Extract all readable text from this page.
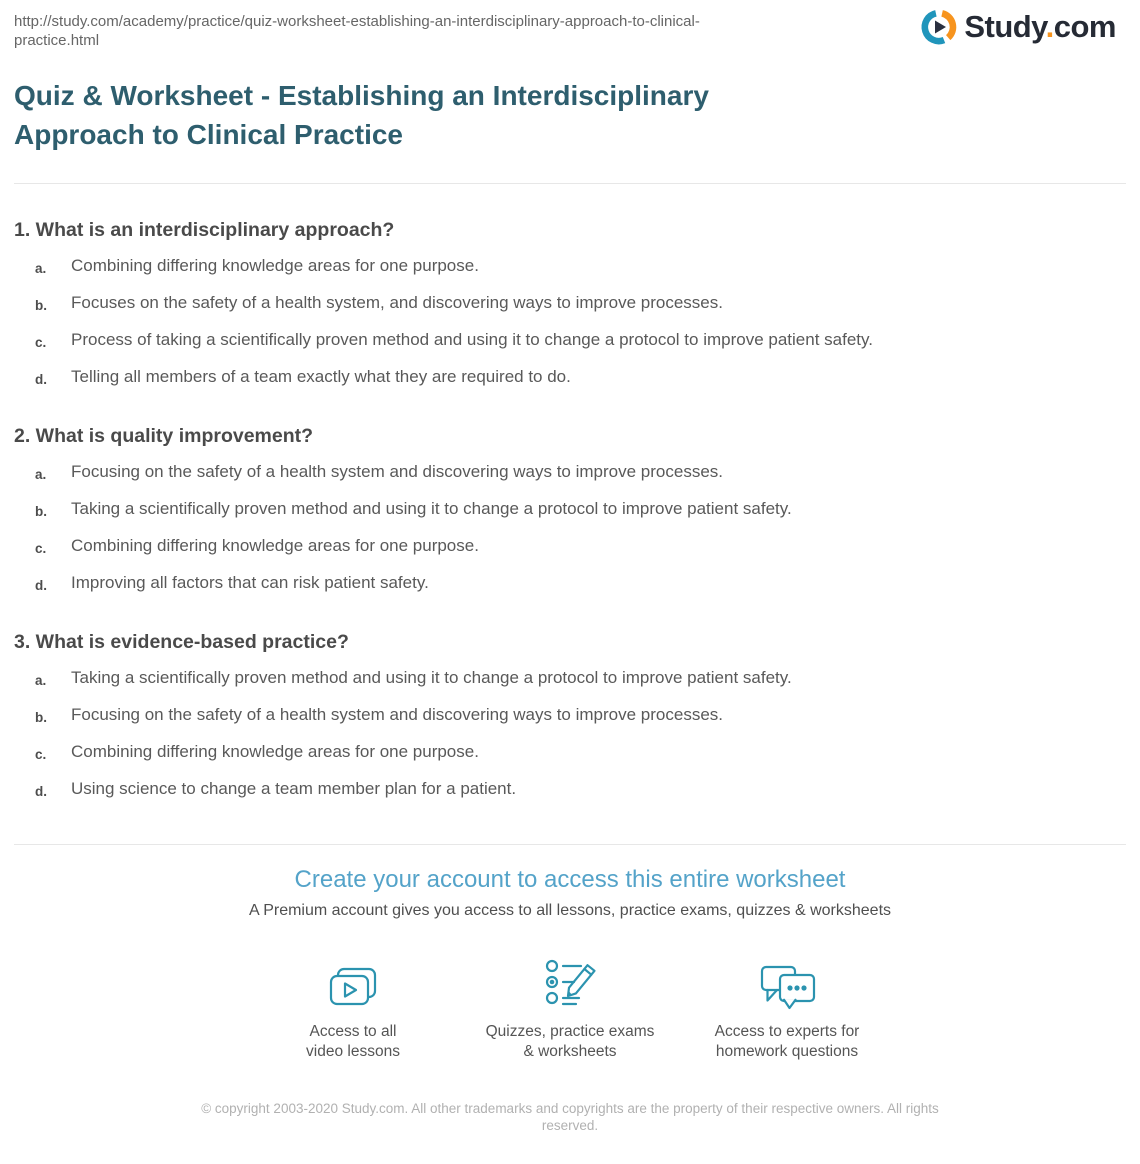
http://study.com/academy/practice/quiz-worksheet-establishing-an-interdisciplinary-approach-to-clinical-
practice.html	Study.com
Quiz & Worksheet - Establishing an Interdisciplinary
Approach to Clinical Practice
1. What is an interdisciplinary approach?
a.	Combining differing knowledge areas for one purpose.
b.	Focuses on the safety of a health system, and discovering ways to improve processes.
c.	Process of taking a scientifically proven method and using it to change a protocol to improve patient safety.
d.	Telling all members of a team exactly what they are required to do.
2. What is quality improvement?
a.	Focusing on the safety of a health system and discovering ways to improve processes.
b.	Taking a scientifically proven method and using it to change a protocol to improve patient safety.
c.	Combining differing knowledge areas for one purpose.
d.	Improving all factors that can risk patient safety.
3. What is evidence-based practice?
a.	Taking a scientifically proven method and using it to change a protocol to improve patient safety.
b.	Focusing on the safety of a health system and discovering ways to improve processes.
c.	Combining differing knowledge areas for one purpose.
d.	Using science to change a team member plan for a patient.
Create your account to access this entire worksheet
A Premium account gives you access to all lessons, practice exams, quizzes & worksheets
Access to all
video lessons
Quizzes, practice exams
& worksheets
Access to experts for
homework questions
© copyright 2003-2020 Study.com. All other trademarks and copyrights are the property of their respective owners. All rights
reserved.
